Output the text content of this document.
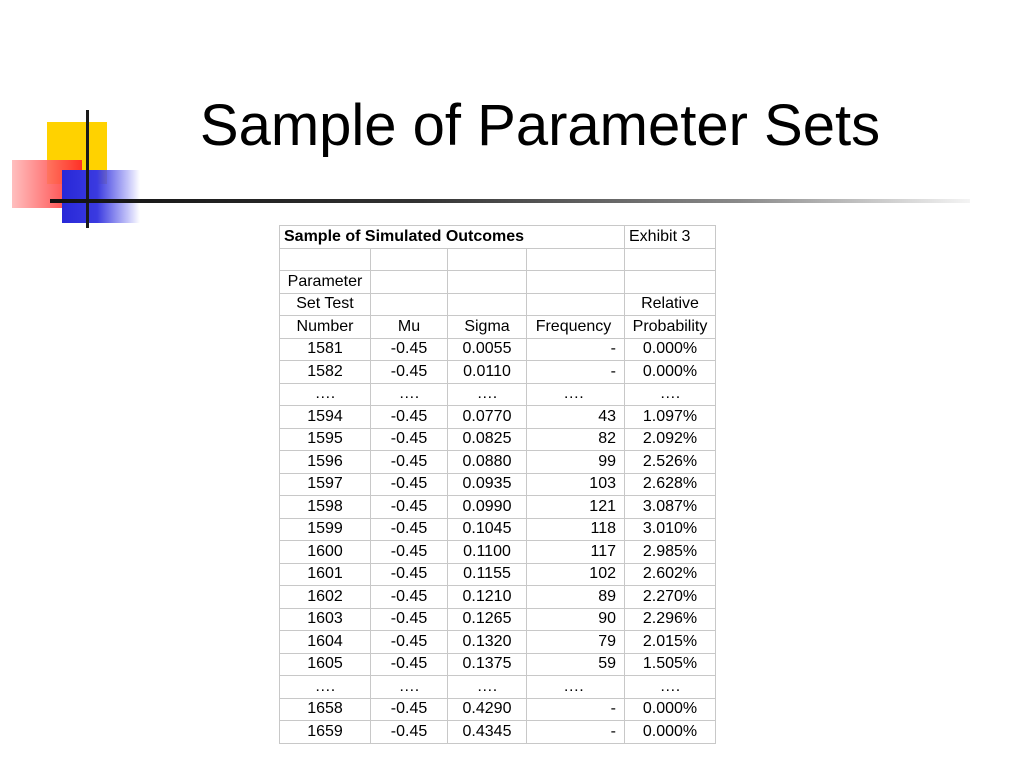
Sample of Parameter Sets
Sample of Simulated Outcomes				Exhibit 3

Parameter				
Set Test				Relative
Number	Mu	Sigma	Frequency	Probability
1581	-0.45	0.0055	-	0.000%
1582	-0.45	0.0110	-	0.000%
….	….	….	….	….
1594	-0.45	0.0770	43	1.097%
1595	-0.45	0.0825	82	2.092%
1596	-0.45	0.0880	99	2.526%
1597	-0.45	0.0935	103	2.628%
1598	-0.45	0.0990	121	3.087%
1599	-0.45	0.1045	118	3.010%
1600	-0.45	0.1100	117	2.985%
1601	-0.45	0.1155	102	2.602%
1602	-0.45	0.1210	89	2.270%
1603	-0.45	0.1265	90	2.296%
1604	-0.45	0.1320	79	2.015%
1605	-0.45	0.1375	59	1.505%
….	….	….	….	….
1658	-0.45	0.4290	-	0.000%
1659	-0.45	0.4345	-	0.000%
